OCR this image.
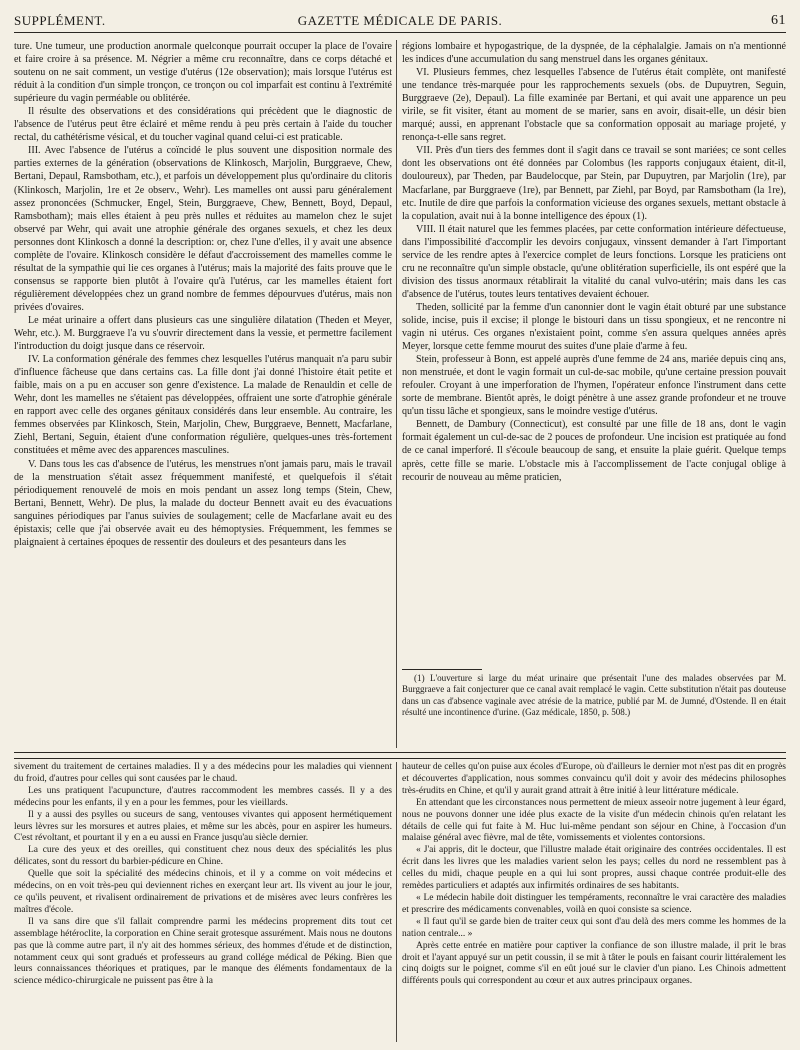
SUPPLÉMENT.	GAZETTE MÉDICALE DE PARIS.	61

ture. Une tumeur, une production anormale quelconque pourrait occuper la place de l'ovaire et faire croire à sa présence. M. Négrier a même cru reconnaître, dans ce corps détaché et soutenu on ne sait comment, un vestige d'utérus (12e observation); mais lorsque l'utérus est réduit à la condition d'un simple tronçon, ce tronçon ou col imparfait est continu à l'extrémité supérieure du vagin perméable ou oblitérée.

Il résulte des observations et des considérations qui précèdent que le diagnostic de l'absence de l'utérus peut être éclairé et même rendu à peu près certain à l'aide du toucher rectal, du cathétérisme vésical, et du toucher vaginal quand celui-ci est praticable.

III. Avec l'absence de l'utérus a coïncidé le plus souvent une disposition normale des parties externes de la génération (observations de Klinkosch, Marjolin, Burggraeve, Chew, Bertani, Depaul, Ramsbotham, etc.), et parfois un développement plus qu'ordinaire du clitoris (Klinkosch, Marjolin, 1re et 2e observ., Wehr). Les mamelles ont aussi paru généralement assez prononcées (Schmucker, Engel, Stein, Burggraeve, Chew, Bennett, Boyd, Depaul, Ramsbotham); mais elles étaient à peu près nulles et réduites au mamelon chez le sujet observé par Wehr, qui avait une atrophie générale des organes sexuels, et chez les deux personnes dont Klinkosch a donné la description: or, chez l'une d'elles, il y avait une absence complète de l'ovaire. Klinkosch considère le défaut d'accroissement des mamelles comme le résultat de la sympathie qui lie ces organes à l'utérus; mais la majorité des faits prouve que le consensus se rapporte bien plutôt à l'ovaire qu'à l'utérus, car les mamelles étaient fort régulièrement développées chez un grand nombre de femmes dépourvues d'utérus, mais non privées d'ovaires.

Le méat urinaire a offert dans plusieurs cas une singulière dilatation (Theden et Meyer, Wehr, etc.). M. Burggraeve l'a vu s'ouvrir directement dans la vessie, et permettre facilement l'introduction du doigt jusque dans ce réservoir.

IV. La conformation générale des femmes chez lesquelles l'utérus manquait n'a paru subir d'influence fâcheuse que dans certains cas. La fille dont j'ai donné l'histoire était petite et faible, mais on a pu en accuser son genre d'existence. La malade de Renauldin et celle de Wehr, dont les mamelles ne s'étaient pas développées, offraient une sorte d'atrophie générale en rapport avec celle des organes génitaux considérés dans leur ensemble. Au contraire, les femmes observées par Klinkosch, Stein, Marjolin, Chew, Burggraeve, Bennett, Macfarlane, Ziehl, Bertani, Seguin, étaient d'une conformation régulière, quelques-unes très-fortement constituées et même avec des apparences masculines.

V. Dans tous les cas d'absence de l'utérus, les menstrues n'ont jamais paru, mais le travail de la menstruation s'était assez fréquemment manifesté, et quelquefois il s'était périodiquement renouvelé de mois en mois pendant un assez long temps (Stein, Chew, Bertani, Bennett, Wehr). De plus, la malade du docteur Bennett avait eu des évacuations sanguines périodiques par l'anus suivies de soulagement; celle de Macfarlane avait eu des épistaxis; celle que j'ai observée avait eu des hémoptysies. Fréquemment, les femmes se plaignaient à certaines époques de ressentir des douleurs et des pesanteurs dans les

régions lombaire et hypogastrique, de la dyspnée, de la céphalalgie. Jamais on n'a mentionné les indices d'une accumulation du sang menstruel dans les organes génitaux.

VI. Plusieurs femmes, chez lesquelles l'absence de l'utérus était complète, ont manifesté une tendance très-marquée pour les rapprochements sexuels (obs. de Dupuytren, Seguin, Burggraeve (2e), Depaul). La fille examinée par Bertani, et qui avait une apparence un peu virile, se fit visiter, étant au moment de se marier, sans en avoir, disait-elle, un désir bien marqué; aussi, en apprenant l'obstacle que sa conformation opposait au mariage projeté, y renonça-t-elle sans regret.

VII. Près d'un tiers des femmes dont il s'agit dans ce travail se sont mariées; ce sont celles dont les observations ont été données par Colombus (les rapports conjugaux étaient, dit-il, douloureux), par Theden, par Baudelocque, par Stein, par Dupuytren, par Marjolin (1re), par Macfarlane, par Burggraeve (1re), par Bennett, par Ziehl, par Boyd, par Ramsbotham (la 1re), etc. Inutile de dire que parfois la conformation vicieuse des organes sexuels, mettant obstacle à la copulation, avait nui à la bonne intelligence des époux (1).

VIII. Il était naturel que les femmes placées, par cette conformation intérieure défectueuse, dans l'impossibilité d'accomplir les devoirs conjugaux, vinssent demander à l'art l'important service de les rendre aptes à l'exercice complet de leurs fonctions. Lorsque les praticiens ont cru ne reconnaître qu'un simple obstacle, qu'une oblitération superficielle, ils ont espéré que la division des tissus anormaux rétablirait la vitalité du canal vulvo-utérin; mais dans les cas d'absence de l'utérus, toutes leurs tentatives devaient échouer.

Theden, sollicité par la femme d'un canonnier dont le vagin était obturé par une substance solide, incise, puis il excise; il plonge le bistouri dans un tissu spongieux, et ne rencontre ni vagin ni utérus. Ces organes n'existaient point, comme s'en assura quelques années après Meyer, lorsque cette femme mourut des suites d'une plaie d'arme à feu.

Stein, professeur à Bonn, est appelé auprès d'une femme de 24 ans, mariée depuis cinq ans, non menstruée, et dont le vagin formait un cul-de-sac mobile, qu'une certaine pression pouvait refouler. Croyant à une imperforation de l'hymen, l'opérateur enfonce l'instrument dans cette sorte de membrane. Bientôt après, le doigt pénètre à une assez grande profondeur et ne trouve qu'un tissu lâche et spongieux, sans le moindre vestige d'utérus.

Bennett, de Dambury (Connecticut), est consulté par une fille de 18 ans, dont le vagin formait également un cul-de-sac de 2 pouces de profondeur. Une incision est pratiquée au fond de ce canal imperforé. Il s'écoule beaucoup de sang, et ensuite la plaie guérit. Quelque temps après, cette fille se marie. L'obstacle mis à l'accomplissement de l'acte conjugal oblige à recourir de nouveau au même praticien,

(1) L'ouverture si large du méat urinaire que présentait l'une des malades observées par M. Burggraeve a fait conjecturer que ce canal avait remplacé le vagin. Cette substitution n'était pas douteuse dans un cas d'absence vaginale avec atrésie de la matrice, publié par M. de Jumné, d'Ostende. Il en était résulté une incontinence d'urine. (Gaz médicale, 1850, p. 508.)

sivement du traitement de certaines maladies. Il y a des médecins pour les maladies qui viennent du froid, d'autres pour celles qui sont causées par le chaud.

Les uns pratiquent l'acupuncture, d'autres raccommodent les membres cassés. Il y a des médecins pour les enfants, il y en a pour les femmes, pour les vieillards.

Il y a aussi des psylles ou suceurs de sang, ventouses vivantes qui apposent hermétiquement leurs lèvres sur les morsures et autres plaies, et même sur les abcès, pour en aspirer les humeurs. C'est révoltant, et pourtant il y en a eu aussi en France jusqu'au siècle dernier.

La cure des yeux et des oreilles, qui constituent chez nous deux des spécialités les plus délicates, sont du ressort du barbier-pédicure en Chine.

Quelle que soit la spécialité des médecins chinois, et il y a comme on voit médecins et médecins, on en voit très-peu qui deviennent riches en exerçant leur art. Ils vivent au jour le jour, ce qu'ils peuvent, et rivalisent ordinairement de privations et de misères avec leurs confrères les maîtres d'école.

Il va sans dire que s'il fallait comprendre parmi les médecins proprement dits tout cet assemblage hétéroclite, la corporation en Chine serait grotesque assurément. Mais nous ne doutons pas que là comme autre part, il n'y ait des hommes sérieux, des hommes d'étude et de distinction, notamment ceux qui sont gradués et professeurs au grand collége médical de Péking. Bien que leurs connaissances théoriques et pratiques, par le manque des éléments fondamentaux de la science médico-chirurgicale ne puissent pas être à la

hauteur de celles qu'on puise aux écoles d'Europe, où d'ailleurs le dernier mot n'est pas dit en progrès et découvertes d'application, nous sommes convaincu qu'il doit y avoir des médecins philosophes très-érudits en Chine, et qu'il y aurait grand attrait à être initié à leur littérature médicale.

En attendant que les circonstances nous permettent de mieux asseoir notre jugement à leur égard, nous ne pouvons donner une idée plus exacte de la visite d'un médecin chinois qu'en relatant les détails de celle qui fut faite à M. Huc lui-même pendant son séjour en Chine, à l'occasion d'un malaise général avec fièvre, mal de tête, vomissements et violentes contorsions.

« J'ai appris, dit le docteur, que l'illustre malade était originaire des contrées occidentales. Il est écrit dans les livres que les maladies varient selon les pays; celles du nord ne ressemblent pas à celles du midi, chaque peuple en a qui lui sont propres, aussi chaque contrée produit-elle des remèdes particuliers et adaptés aux infirmités ordinaires de ses habitants.

« Le médecin habile doit distinguer les tempéraments, reconnaître le vrai caractère des maladies et prescrire des médicaments convenables, voilà en quoi consiste sa science.

« Il faut qu'il se garde bien de traiter ceux qui sont d'au delà des mers comme les hommes de la nation centrale... »

Après cette entrée en matière pour captiver la confiance de son illustre malade, il prit le bras droit et l'ayant appuyé sur un petit coussin, il se mit à tâter le pouls en faisant courir littéralement les cinq doigts sur le poignet, comme s'il en eût joué sur le clavier d'un piano. Les Chinois admettent différents pouls qui correspondent au cœur et aux autres principaux organes.
